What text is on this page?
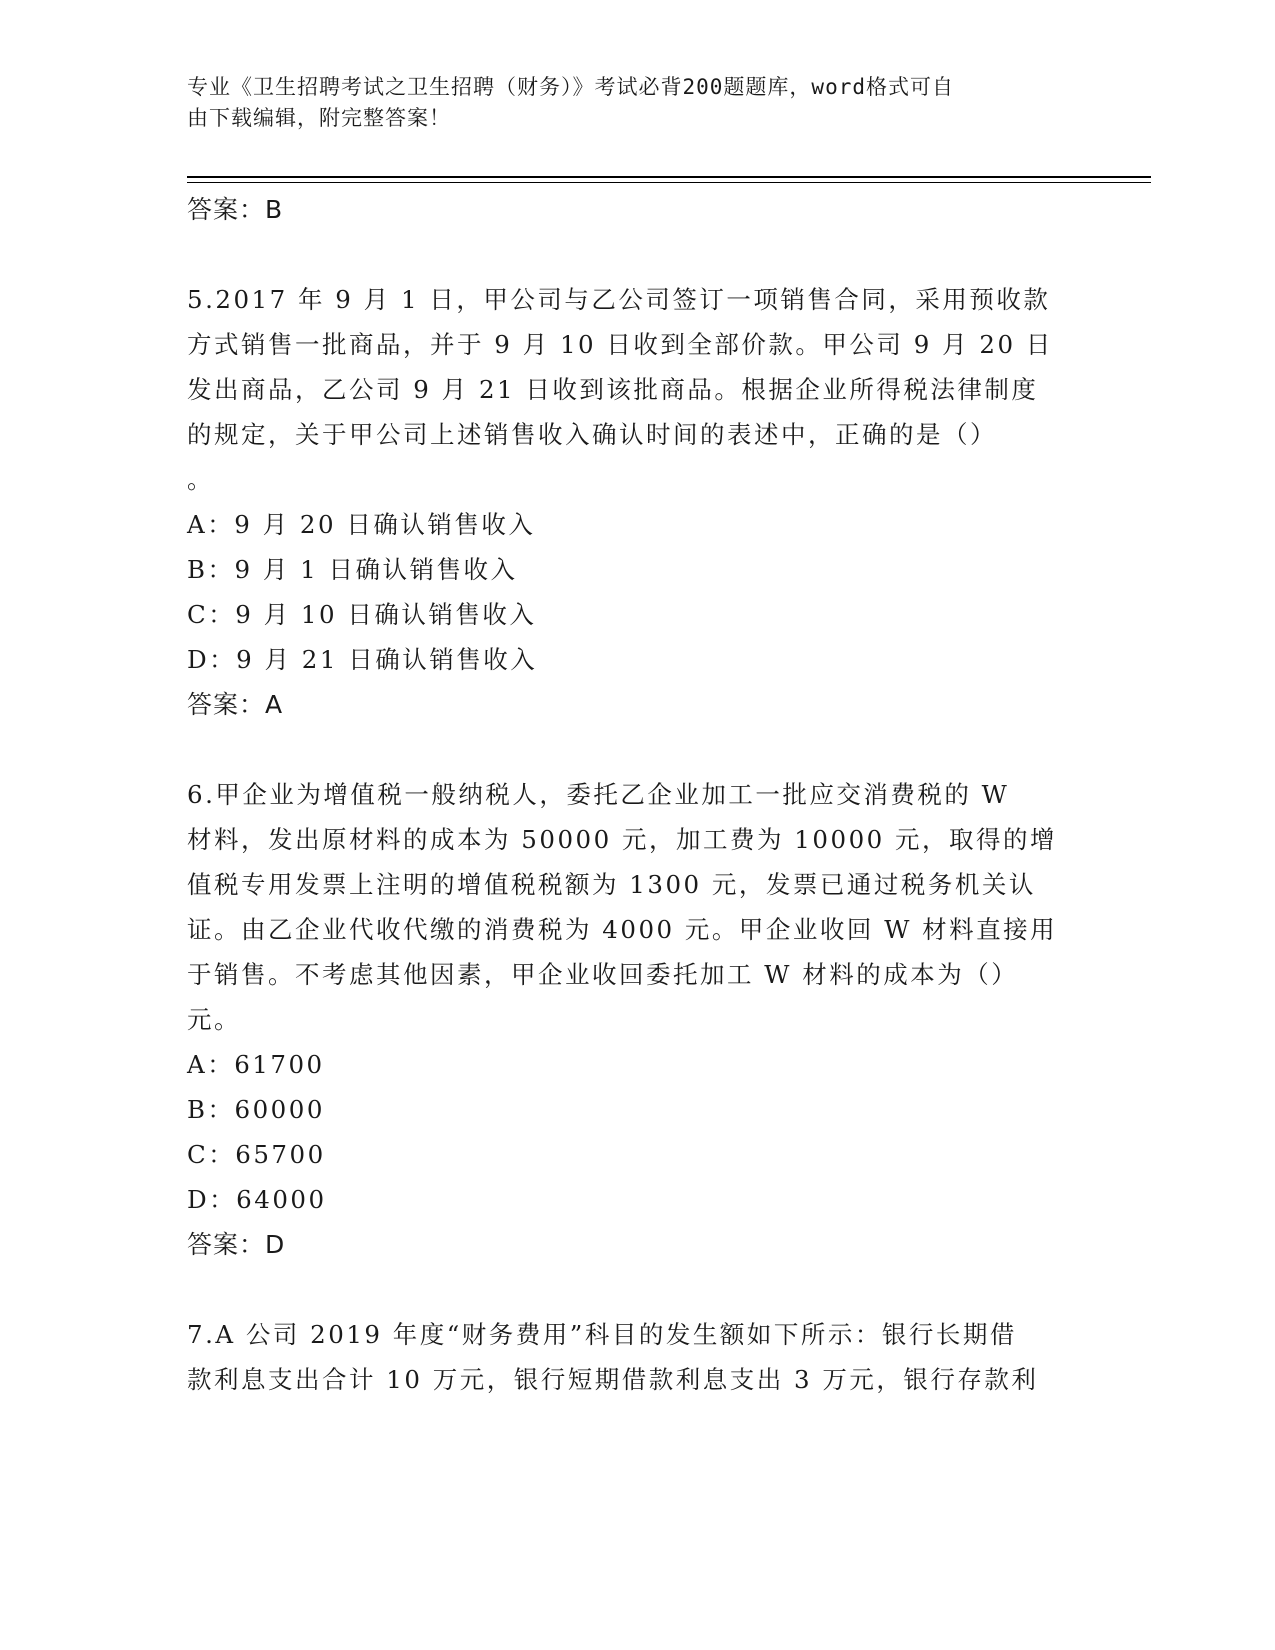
专业《卫生招聘考试之卫生招聘（财务）》考试必背200题题库，word格式可自
由下载编辑，附完整答案！
答案：B
5.2017 年 9 月 1 日，甲公司与乙公司签订一项销售合同，采用预收款
方式销售一批商品，并于 9 月 10 日收到全部价款。甲公司 9 月 20 日
发出商品，乙公司 9 月 21 日收到该批商品。根据企业所得税法律制度
的规定，关于甲公司上述销售收入确认时间的表述中，正确的是（）
。
A：9 月 20 日确认销售收入
B：9 月 1 日确认销售收入
C：9 月 10 日确认销售收入
D：9 月 21 日确认销售收入
答案：A
6.甲企业为增值税一般纳税人，委托乙企业加工一批应交消费税的 W
材料，发出原材料的成本为 50000 元，加工费为 10000 元，取得的增
值税专用发票上注明的增值税税额为 1300 元，发票已通过税务机关认
证。由乙企业代收代缴的消费税为 4000 元。甲企业收回 W 材料直接用
于销售。不考虑其他因素，甲企业收回委托加工 W 材料的成本为（）
元。
A：61700
B：60000
C：65700
D：64000
答案：D
7.A 公司 2019 年度“财务费用”科目的发生额如下所示：银行长期借
款利息支出合计 10 万元，银行短期借款利息支出 3 万元，银行存款利
